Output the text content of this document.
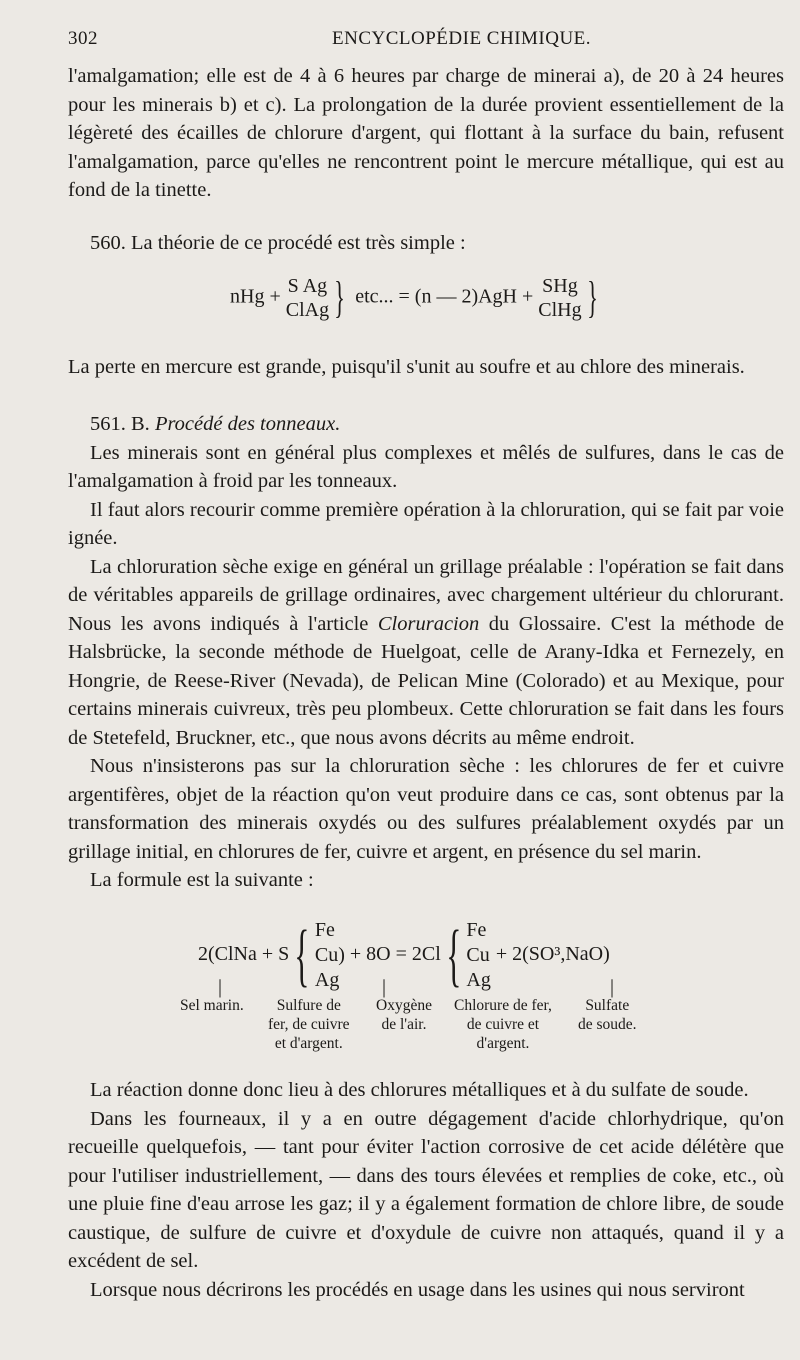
302	ENCYCLOPÉDIE CHIMIQUE.

l'amalgamation; elle est de 4 à 6 heures par charge de minerai a), de 20 à 24 heures pour les minerais b) et c). La prolongation de la durée provient essentiellement de la légèreté des écailles de chlorure d'argent, qui flottant à la surface du bain, refusent l'amalgamation, parce qu'elles ne rencontrent point le mercure métallique, qui est au fond de la tinette.

560. La théorie de ce procédé est très simple :

nHg + S Ag
ClAg } etc... = (n — 2)AgH + SHg
ClHg }

La perte en mercure est grande, puisqu'il s'unit au soufre et au chlore des minerais.

561. B. Procédé des tonneaux.

Les minerais sont en général plus complexes et mêlés de sulfures, dans le cas de l'amalgamation à froid par les tonneaux.

Il faut alors recourir comme première opération à la chloruration, qui se fait par voie ignée.

La chloruration sèche exige en général un grillage préalable : l'opération se fait dans de véritables appareils de grillage ordinaires, avec chargement ultérieur du chlorurant. Nous les avons indiqués à l'article Cloruracion du Glossaire. C'est la méthode de Halsbrücke, la seconde méthode de Huelgoat, celle de Arany-Idka et Fernezely, en Hongrie, de Reese-River (Nevada), de Pelican Mine (Colorado) et au Mexique, pour certains minerais cuivreux, très peu plombeux. Cette chloruration se fait dans les fours de Stetefeld, Bruckner, etc., que nous avons décrits au même endroit.

Nous n'insisterons pas sur la chloruration sèche : les chlorures de fer et cuivre argentifères, objet de la réaction qu'on veut produire dans ce cas, sont obtenus par la transformation des minerais oxydés ou des sulfures préalablement oxydés par un grillage initial, en chlorures de fer, cuivre et argent, en présence du sel marin.

La formule est la suivante :

2(ClNa + S{ Fe
Cu)
Ag + 8O = 2Cl{ Fe
Cu
Ag + 2(SO³,NaO)
|	|	|
Sel marin.	Sulfure de
fer, de cuivre
et d'argent.
Oxygène
de l'air.
Chlorure de fer,
de cuivre et
d'argent.
Sulfate
de soude.

La réaction donne donc lieu à des chlorures métalliques et à du sulfate de soude.

Dans les fourneaux, il y a en outre dégagement d'acide chlorhydrique, qu'on recueille quelquefois, — tant pour éviter l'action corrosive de cet acide délétère que pour l'utiliser industriellement, — dans des tours élevées et remplies de coke, etc., où une pluie fine d'eau arrose les gaz; il y a également formation de chlore libre, de soude caustique, de sulfure de cuivre et d'oxydule de cuivre non attaqués, quand il y a excédent de sel.

Lorsque nous décrirons les procédés en usage dans les usines qui nous serviront
